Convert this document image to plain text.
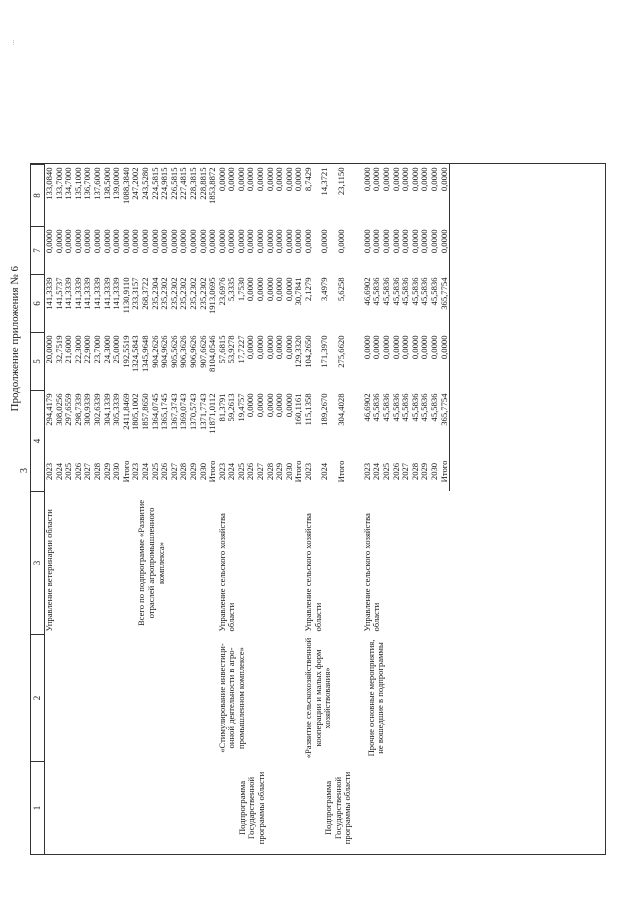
Продолжение приложения № 6
3
...
1	2	3	4		5	6	7	8
		Управление ветеринарии области	2023	294,4179	20,0000	141,3339	0,0000	133,0840
			2024	308,0256	32,7519	141,5737	0,0000	133,7000
			2025	297,6559	21,6000	141,3339	0,0000	134,7000
			2026	298,7339	22,3000	141,3339	0,0000	135,1000
			2027	300,9339	22,9000	141,3339	0,0000	136,7000
			2028	302,6339	23,7000	141,3339	0,0000	137,6000
			2029	304,1339	24,3000	141,3339	0,0000	138,5000
			2030	305,3339	25,0000	141,3339	0,0000	139,0000
			Итого	2411,8469	192,5519	1130,9110	0,0000	1088,3840
		Всего по подпрограмме «Развитие отраслей агропромышленного комплекса»	2023	1805,1002	1324,5843	233,3157	0,0000	247,2002
			2024	1857,8650	1345,9648	268,3722	0,0000	243,5280
			2025	1364,0745	904,2626	235,2304	0,0000	224,5815
			2026	1365,1745	904,9626	235,2302	0,0000	224,9815
			2027	1367,3743	905,5626	235,2302	0,0000	226,5815
			2028	1369,0743	906,3626	235,2302	0,0000	227,4815
			2029	1370,5743	906,9626	235,2302	0,0000	228,3815
			2030	1371,7743	907,6626	235,2302	0,0000	228,8815
			Итого	11871,0112	8104,0546	1913,0695	0,0000	1853,8872
Подпрограмма Государственной программы области	«Стимулирование инвестици-онной деятельности в агро-промышленном комплексе»	Управление сельского хозяйства области	2023	81,3791	57,6815	23,6976	0,0000	0,0000
			2024	59,2613	53,9278	5,3335	0,0000	0,0000
			2025	19,4757	17,7227	1,7530	0,0000	0,0000
			2026	0,0000	0,0000	0,0000	0,0000	0,0000
			2027	0,0000	0,0000	0,0000	0,0000	0,0000
			2028	0,0000	0,0000	0,0000	0,0000	0,0000
			2029	0,0000	0,0000	0,0000	0,0000	0,0000
			2030	0,0000	0,0000	0,0000	0,0000	0,0000
			Итого	160,1161	129,3320	30,7841	0,0000	0,0000
Подпрограмма Государственной программы области	«Развитие сельскохозяйственной кооперации и малых форм хозяйствования»	Управление сельского хозяйства области	2023	115,1358	104,2650	2,1279	0,0000	8,7429
			2024	189,2670	171,3970	3,4979	0,0000	14,3721
			Итого	304,4028	275,6620	5,6258	0,0000	23,1150

	Прочие основные мероприятия, не вошедшие в подпрограммы	Управление сельского хозяйства области	2023	46,6902	0,0000	46,6902	0,0000	0,0000
			2024	45,5836	0,0000	45,5836	0,0000	0,0000
			2025	45,5836	0,0000	45,5836	0,0000	0,0000
			2026	45,5836	0,0000	45,5836	0,0000	0,0000
			2027	45,5836	0,0000	45,5836	0,0000	0,0000
			2028	45,5836	0,0000	45,5836	0,0000	0,0000
			2029	45,5836	0,0000	45,5836	0,0000	0,0000
			2030	45,5836	0,0000	45,5836	0,0000	0,0000
			Итого	365,7754	0,0000	365,7754	0,0000	0,0000
